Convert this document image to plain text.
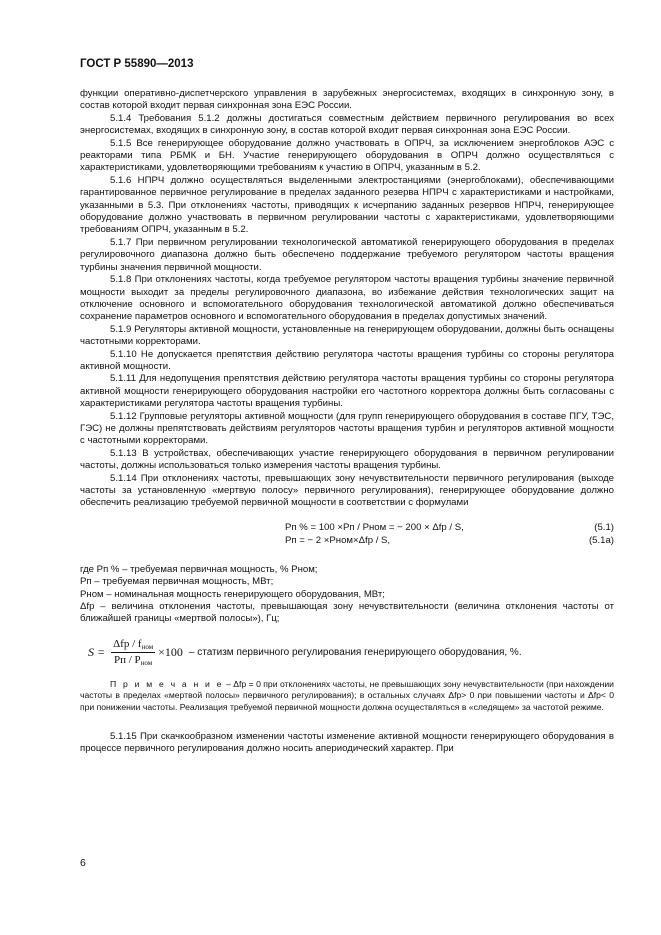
ГОСТ Р 55890—2013

функции оперативно-диспетчерского управления в зарубежных энергосистемах, входящих в синхронную зону, в состав которой входит первая синхронная зона ЕЭС России.

5.1.4 Требования 5.1.2 должны достигаться совместным действием первичного регулирования во всех энергосистемах, входящих в синхронную зону, в состав которой входит первая синхронная зона ЕЭС России.

5.1.5 Все генерирующее оборудование должно участвовать в ОПРЧ, за исключением энергоблоков АЭС с реакторами типа РБМК и БН. Участие генерирующего оборудования в ОПРЧ должно осуществляться с характеристиками, удовлетворяющими требованиям к участию в ОПРЧ, указанным в 5.2.

5.1.6 НПРЧ должно осуществляться выделенными электростанциями (энергоблоками), обеспечивающими гарантированное первичное регулирование в пределах заданного резерва НПРЧ с характеристиками и настройками, указанными в 5.3. При отклонениях частоты, приводящих к исчерпанию заданных резервов НПРЧ, генерирующее оборудование должно участвовать в первичном регулировании частоты с характеристиками, удовлетворяющими требованиям ОПРЧ, указанным в 5.2.

5.1.7 При первичном регулировании технологической автоматикой генерирующего оборудования в пределах регулировочного диапазона должно быть обеспечено поддержание требуемого регулятором частоты вращения турбины значения первичной мощности.

5.1.8 При отклонениях частоты, когда требуемое регулятором частоты вращения турбины значение первичной мощности выходит за пределы регулировочного диапазона, во избежание действия технологических защит на отключение основного и вспомогательного оборудования технологической автоматикой должно обеспечиваться сохранение параметров основного и вспомогательного оборудования в пределах допустимых значений.

5.1.9 Регуляторы активной мощности, установленные на генерирующем оборудовании, должны быть оснащены частотными корректорами.

5.1.10 Не допускается препятствия действию регулятора частоты вращения турбины со стороны регулятора активной мощности.

5.1.11 Для недопущения препятствия действию регулятора частоты вращения турбины со стороны регулятора активной мощности генерирующего оборудования настройки его частотного корректора должны быть согласованы с характеристиками регулятора частоты вращения турбины.

5.1.12 Групповые регуляторы активной мощности (для групп генерирующего оборудования в составе ПГУ, ТЭС, ГЭС) не должны препятствовать действиям регуляторов частоты вращения турбин и регуляторов активной мощности с частотными корректорами.

5.1.13 В устройствах, обеспечивающих участие генерирующего оборудования в первичном регулировании частоты, должны использоваться только измерения частоты вращения турбины.

5.1.14 При отклонениях частоты, превышающих зону нечувствительности первичного регулирования (выходе частоты за установленную «мертвую полосу» первичного регулирования), генерирующее оборудование должно обеспечить реализацию требуемой первичной мощности в соответствии с формулами

Рп % = 100 ×Рп / Рном = − 200 × Δfр / S,	(5.1)
Рп = − 2 ×Рном×Δfр / S,	(5.1а)

где Рп % – требуемая первичная мощность, % Рном;

Рп – требуемая первичная мощность, МВт;

Рном – номинальная мощность генерирующего оборудования, МВт;

Δfр – величина отклонения частоты, превышающая зону нечувствительности (величина отклонения частоты от ближайшей границы «мертвой полосы»), Гц;

$S = \frac{\Delta fр / f_{ном}}{Рп / Р_{ном}} \times 100$ – статизм первичного регулирования генерирующего оборудования, %.

П р и м е ч а н и е – Δfр = 0 при отклонениях частоты, не превышающих зону нечувствительности (при нахождении частоты в пределах «мертвой полосы» первичного регулирования); в остальных случаях Δfр> 0 при повышении частоты и Δfр< 0 при понижении частоты. Реализация требуемой первичной мощности должна осуществляться в «следящем» за частотой режиме.

5.1.15 При скачкообразном изменении частоты изменение активной мощности генерирующего оборудования в процессе первичного регулирования должно носить апериодический характер. При

6
